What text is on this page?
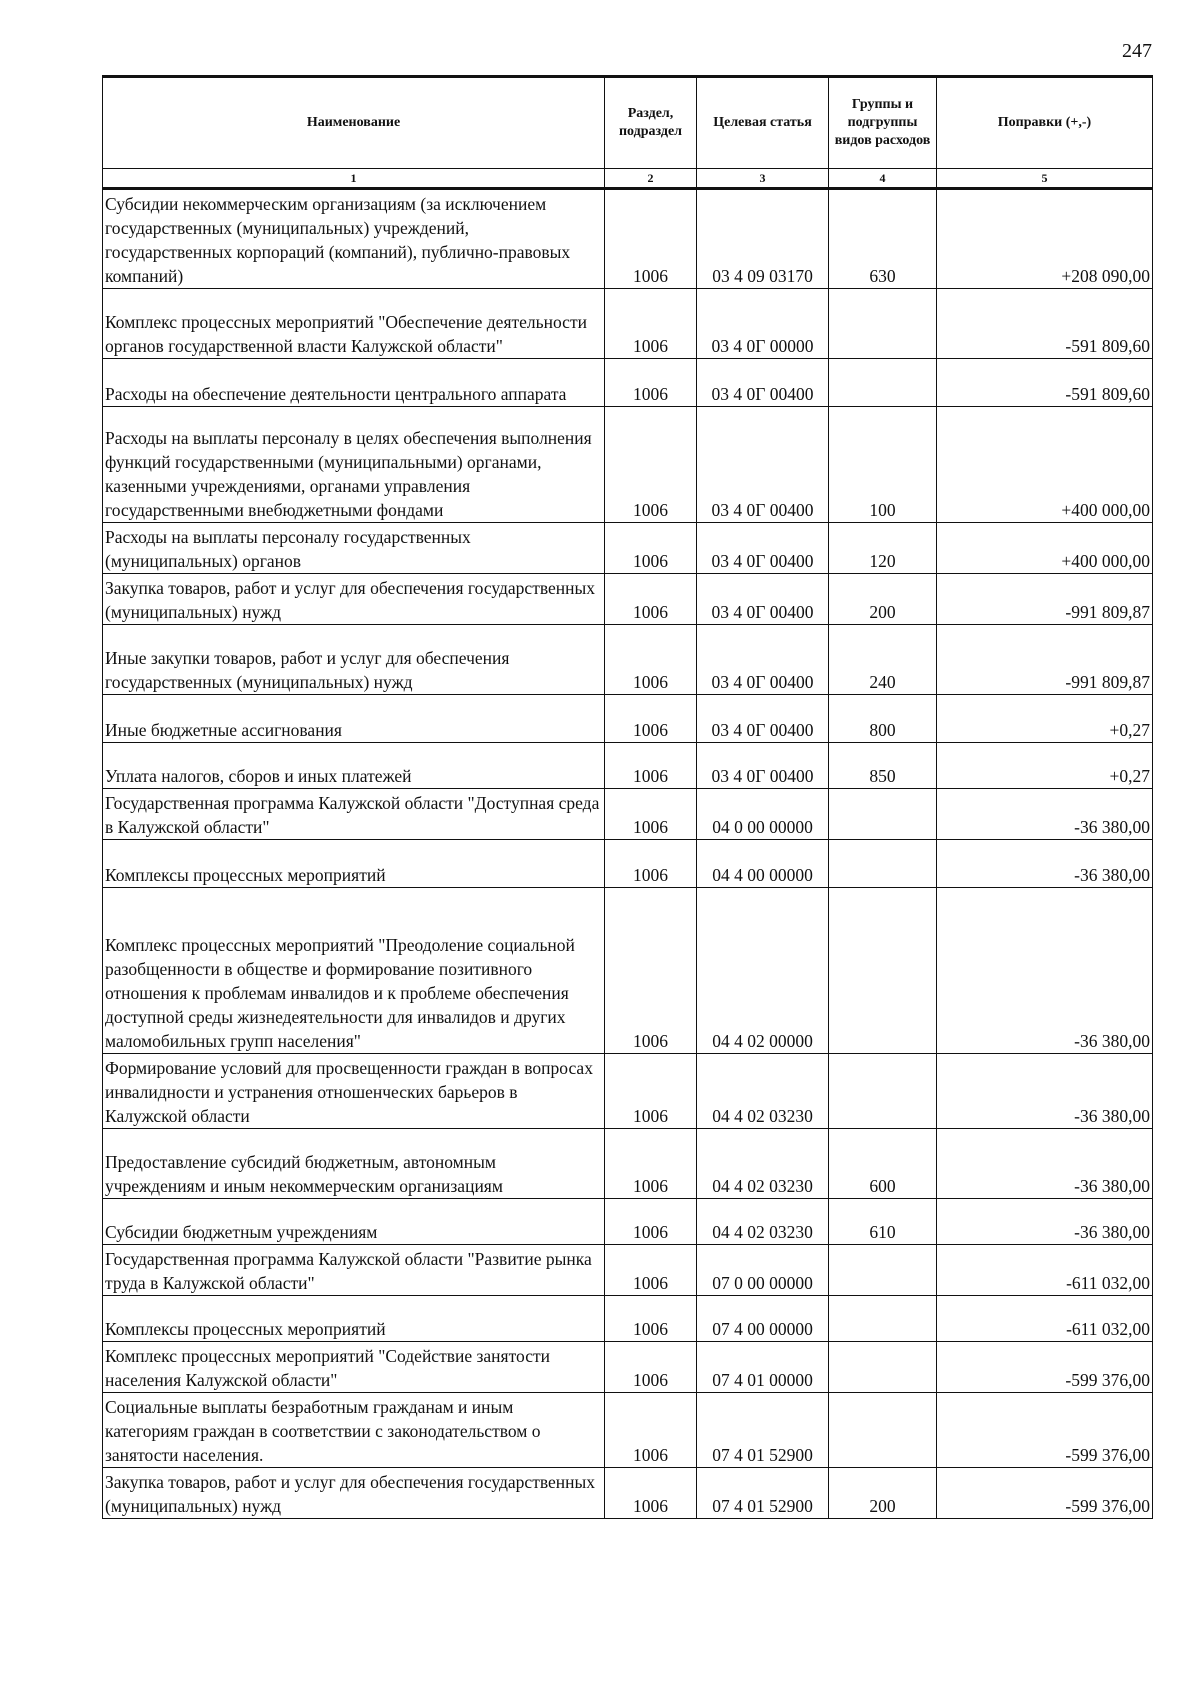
247
Наименование	Раздел, подраздел	Целевая статья	Группы и подгруппы видов расходов	Поправки (+,-)
1	2	3	4	5
Субсидии некоммерческим организациям (за исключением государственных (муниципальных) учреждений, государственных корпораций (компаний), публично-правовых компаний)	1006	03 4 09 03170	630	+208 090,00
Комплекс процессных мероприятий "Обеспечение деятельности органов государственной власти Калужской области"	1006	03 4 0Г 00000		-591 809,60
Расходы на обеспечение деятельности центрального аппарата	1006	03 4 0Г 00400		-591 809,60
Расходы на выплаты персоналу в целях обеспечения выполнения функций государственными (муниципальными) органами, казенными учреждениями, органами управления государственными внебюджетными фондами	1006	03 4 0Г 00400	100	+400 000,00
Расходы на выплаты персоналу государственных (муниципальных) органов	1006	03 4 0Г 00400	120	+400 000,00
Закупка товаров, работ и услуг для обеспечения государственных (муниципальных) нужд	1006	03 4 0Г 00400	200	-991 809,87
Иные закупки товаров, работ и услуг для обеспечения государственных (муниципальных) нужд	1006	03 4 0Г 00400	240	-991 809,87
Иные бюджетные ассигнования	1006	03 4 0Г 00400	800	+0,27
Уплата налогов, сборов и иных платежей	1006	03 4 0Г 00400	850	+0,27
Государственная программа Калужской области "Доступная среда в Калужской области"	1006	04 0 00 00000		-36 380,00
Комплексы процессных мероприятий	1006	04 4 00 00000		-36 380,00
Комплекс процессных мероприятий "Преодоление социальной разобщенности в обществе и формирование позитивного отношения к проблемам инвалидов и к проблеме обеспечения доступной среды жизнедеятельности для инвалидов и других маломобильных групп населения"	1006	04 4 02 00000		-36 380,00
Формирование условий для просвещенности граждан в вопросах инвалидности и устранения отношенческих барьеров в Калужской области	1006	04 4 02 03230		-36 380,00
Предоставление субсидий бюджетным, автономным учреждениям и иным некоммерческим организациям	1006	04 4 02 03230	600	-36 380,00
Субсидии бюджетным учреждениям	1006	04 4 02 03230	610	-36 380,00
Государственная программа Калужской области "Развитие рынка труда в Калужской области"	1006	07 0 00 00000		-611 032,00
Комплексы процессных мероприятий	1006	07 4 00 00000		-611 032,00
Комплекс процессных мероприятий "Содействие занятости населения Калужской области"	1006	07 4 01 00000		-599 376,00
Социальные выплаты безработным гражданам и иным категориям граждан в соответствии с законодательством о занятости населения.	1006	07 4 01 52900		-599 376,00
Закупка товаров, работ и услуг для обеспечения государственных (муниципальных) нужд	1006	07 4 01 52900	200	-599 376,00
